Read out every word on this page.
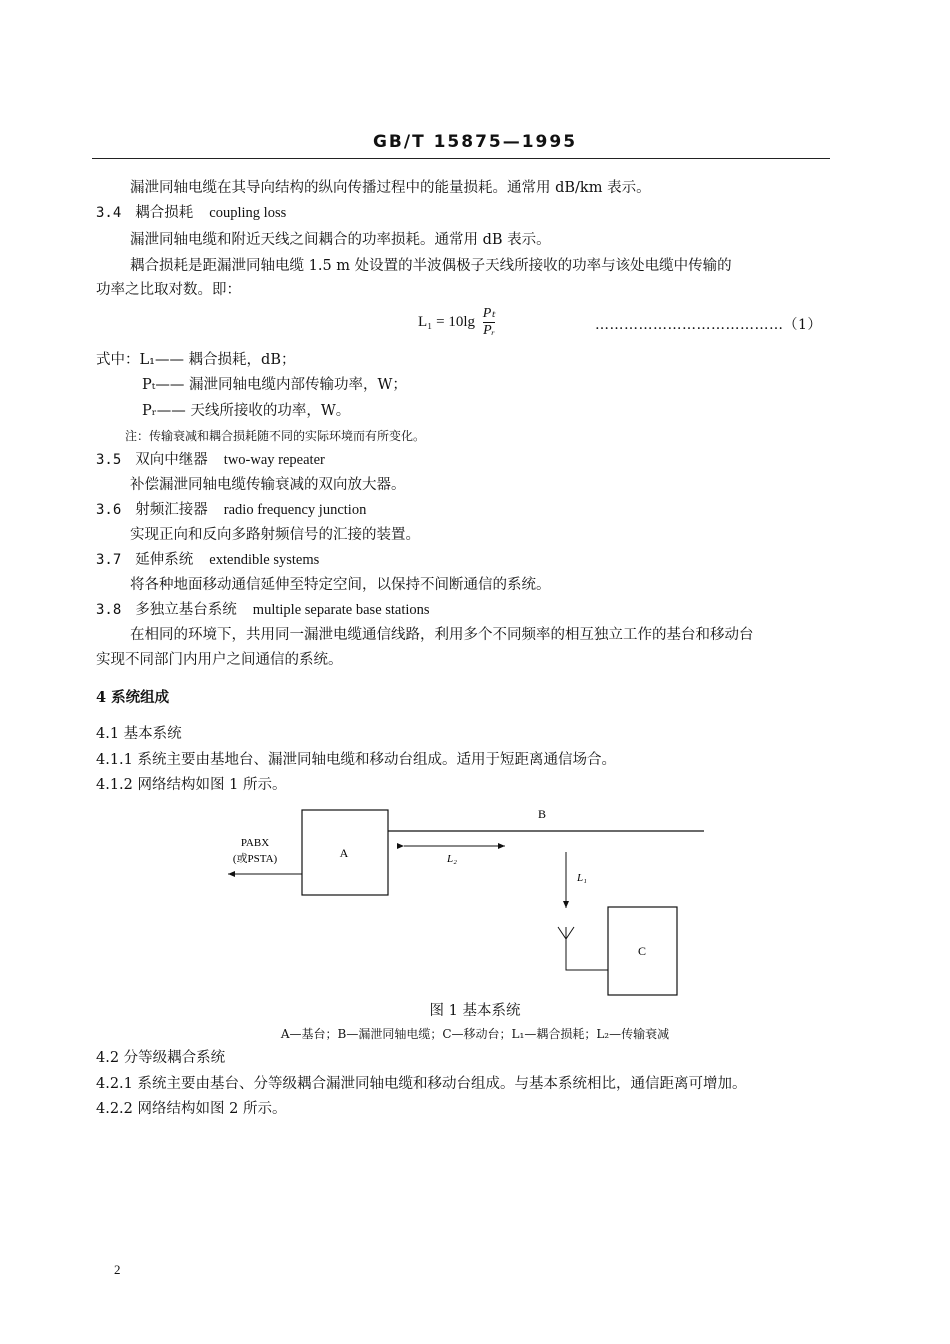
GB/T 15875—1995
漏泄同轴电缆在其导向结构的纵向传播过程中的能量损耗。通常用 dB/km 表示。
3.4 耦合损耗 coupling loss
漏泄同轴电缆和附近天线之间耦合的功率损耗。通常用 dB 表示。
耦合损耗是距漏泄同轴电缆 1.5 m 处设置的半波偶极子天线所接收的功率与该处电缆中传输的
功率之比取对数。即：
$L_1 = 10\lg \frac{\text{Pₜ}}{\text{Pᵣ}}$	…………………………………（1）
式中：L₁—— 耦合损耗，dB；
Pₜ—— 漏泄同轴电缆内部传输功率，W；
Pᵣ—— 天线所接收的功率，W。
注：传输衰减和耦合损耗随不同的实际环境而有所变化。
3.5 双向中继器 two-way repeater
补偿漏泄同轴电缆传输衰减的双向放大器。
3.6 射频汇接器 radio frequency junction
实现正向和反向多路射频信号的汇接的装置。
3.7 延伸系统 extendible systems
将各种地面移动通信延伸至特定空间，以保持不间断通信的系统。
3.8 多独立基台系统 multiple separate base stations
在相同的环境下，共用同一漏泄电缆通信线路，利用多个不同频率的相互独立工作的基台和移动台
实现不同部门内用户之间通信的系统。
4 系统组成
4.1 基本系统
4.1.1 系统主要由基地台、漏泄同轴电缆和移动台组成。适用于短距离通信场合。
4.1.2 网络结构如图 1 所示。
A
PABX
(或PSTA)
B
L₂
L₁
C
图 1 基本系统
A—基台；B—漏泄同轴电缆；C—移动台；L₁—耦合损耗；L₂—传输衰减
4.2 分等级耦合系统
4.2.1 系统主要由基台、分等级耦合漏泄同轴电缆和移动台组成。与基本系统相比，通信距离可增加。
4.2.2 网络结构如图 2 所示。
2
